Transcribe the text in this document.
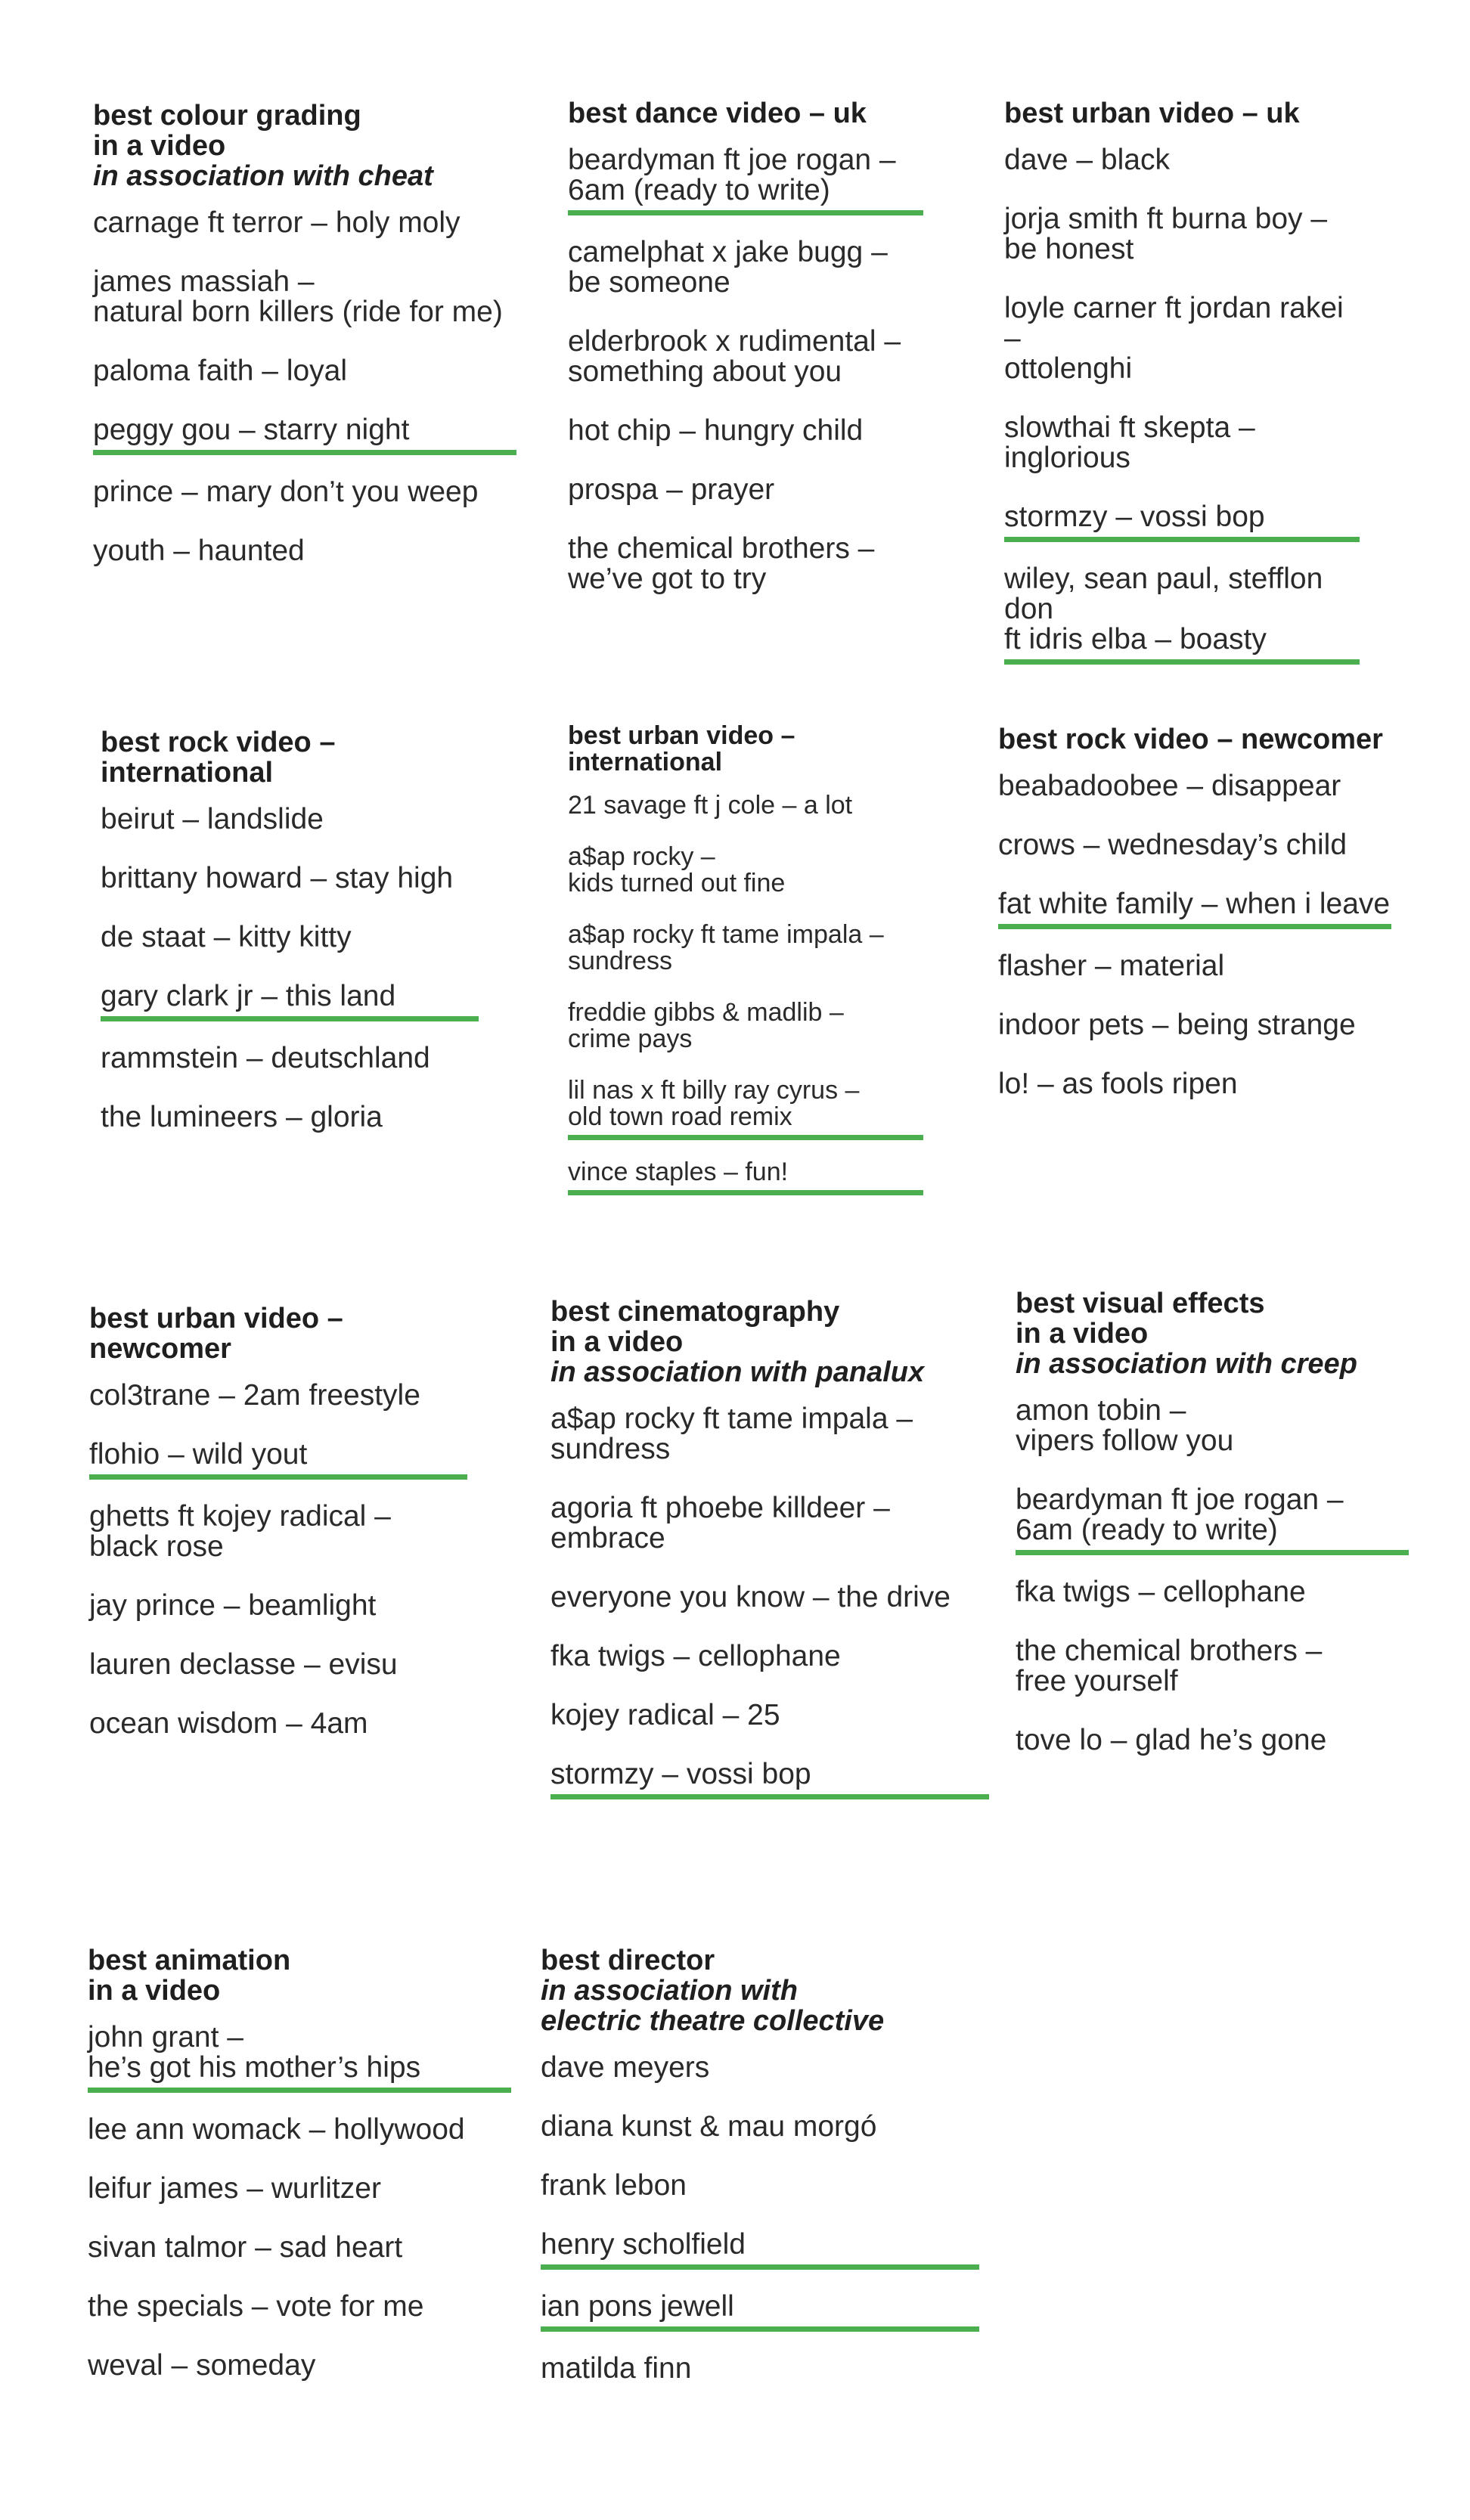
best colour grading
in a video
in association with cheat
carnage ft terror – holy moly
james massiah –
natural born killers (ride for me)
paloma faith – loyal
peggy gou – starry night
prince – mary don’t you weep
youth – haunted
best dance video – uk
beardyman ft joe rogan –
6am (ready to write)
camelphat x jake bugg –
be someone
elderbrook x rudimental –
something about you
hot chip – hungry child
prospa – prayer
the chemical brothers –
we’ve got to try
best urban video – uk
dave – black
jorja smith ft burna boy –
be honest
loyle carner ft jordan rakei –
ottolenghi
slowthai ft skepta – inglorious
stormzy – vossi bop
wiley, sean paul, stefflon don
ft idris elba – boasty
best rock video –
international
beirut – landslide
brittany howard – stay high
de staat – kitty kitty
gary clark jr – this land
rammstein – deutschland
the lumineers – gloria
best urban video –
international
21 savage ft j cole – a lot
a$ap rocky –
kids turned out fine
a$ap rocky ft tame impala –
sundress
freddie gibbs & madlib –
crime pays
lil nas x ft billy ray cyrus –
old town road remix
vince staples – fun!
best rock video – newcomer
beabadoobee – disappear
crows – wednesday’s child
fat white family – when i leave
flasher – material
indoor pets – being strange
lo! – as fools ripen
best urban video –
newcomer
col3trane – 2am freestyle
flohio – wild yout
ghetts ft kojey radical –
black rose
jay prince – beamlight
lauren declasse – evisu
ocean wisdom – 4am
best cinematography
in a video
in association with panalux
a$ap rocky ft tame impala –
sundress
agoria ft phoebe killdeer –
embrace
everyone you know – the drive
fka twigs – cellophane
kojey radical – 25
stormzy – vossi bop
best visual effects
in a video
in association with creep
amon tobin –
vipers follow you
beardyman ft joe rogan –
6am (ready to write)
fka twigs – cellophane
the chemical brothers –
free yourself
tove lo – glad he’s gone
best animation
in a video
john grant –
he’s got his mother’s hips
lee ann womack – hollywood
leifur james – wurlitzer
sivan talmor – sad heart
the specials – vote for me
weval – someday
best director
in association with
electric theatre collective
dave meyers
diana kunst & mau morgó
frank lebon
henry scholfield
ian pons jewell
matilda finn
